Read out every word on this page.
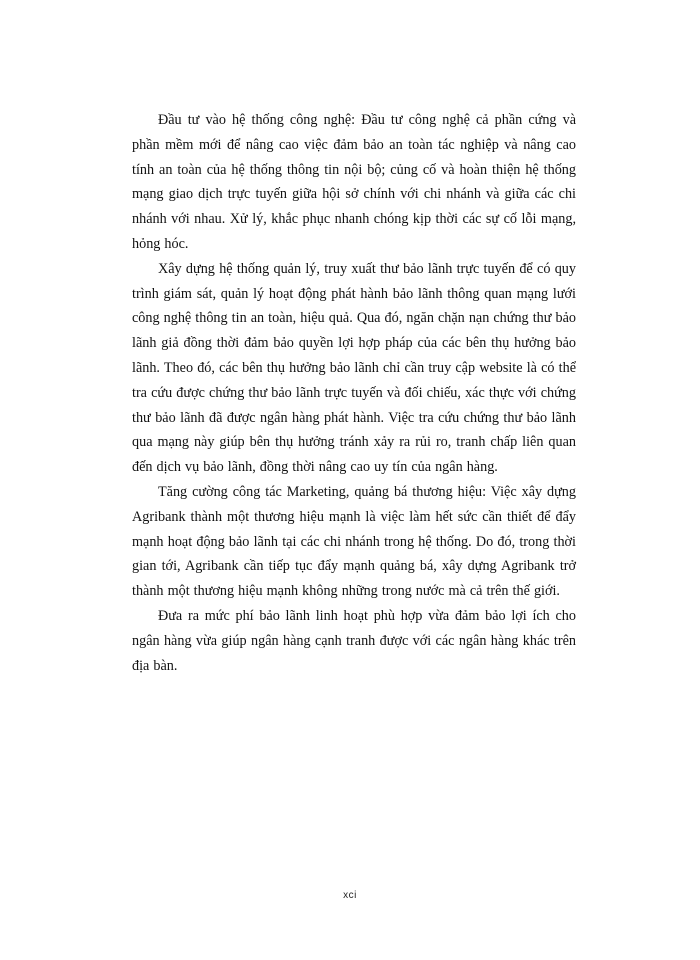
Đầu tư vào hệ thống công nghệ: Đầu tư công nghệ cả phần cứng và phần mềm mới để nâng cao việc đảm bảo an toàn tác nghiệp và nâng cao tính an toàn của hệ thống thông tin nội bộ; củng cố và hoàn thiện hệ thống mạng giao dịch trực tuyến giữa hội sở chính với chi nhánh và giữa các chi nhánh với nhau. Xử lý, khắc phục nhanh chóng kịp thời các sự cố lỗi mạng, hỏng hóc.

Xây dựng hệ thống quản lý, truy xuất thư bảo lãnh trực tuyến để có quy trình giám sát, quản lý hoạt động phát hành bảo lãnh thông quan mạng lưới công nghệ thông tin an toàn, hiệu quả. Qua đó, ngăn chặn nạn chứng thư bảo lãnh giả đồng thời đảm bảo quyền lợi hợp pháp của các bên thụ hưởng bảo lãnh. Theo đó, các bên thụ hưởng bảo lãnh chỉ cần truy cập website là có thể tra cứu được chứng thư bảo lãnh trực tuyến và đối chiếu, xác thực với chứng thư bảo lãnh đã được ngân hàng phát hành. Việc tra cứu chứng thư bảo lãnh qua mạng này giúp bên thụ hưởng tránh xảy ra rủi ro, tranh chấp liên quan đến dịch vụ bảo lãnh, đồng thời nâng cao uy tín của ngân hàng.

Tăng cường công tác Marketing, quảng bá thương hiệu: Việc xây dựng Agribank thành một thương hiệu mạnh là việc làm hết sức cần thiết để đẩy mạnh hoạt động bảo lãnh tại các chi nhánh trong hệ thống. Do đó, trong thời gian tới, Agribank cần tiếp tục đẩy mạnh quảng bá, xây dựng Agribank trở thành một thương hiệu mạnh không những trong nước mà cả trên thế giới.

Đưa ra mức phí bảo lãnh linh hoạt phù hợp vừa đảm bảo lợi ích cho ngân hàng vừa giúp ngân hàng cạnh tranh được với các ngân hàng khác trên địa bàn.

xci
